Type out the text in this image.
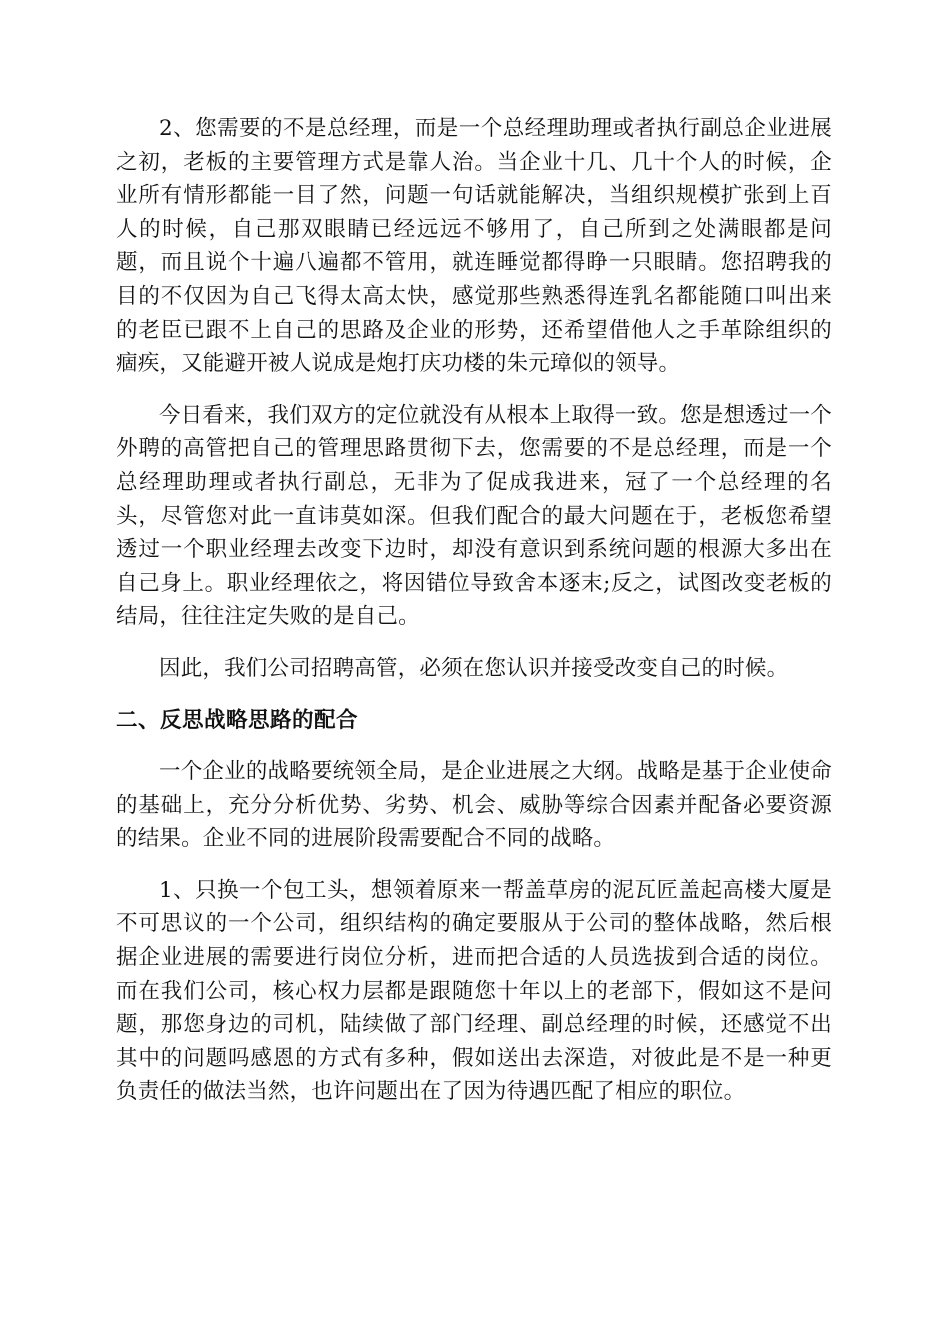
2、您需要的不是总经理，而是一个总经理助理或者执行副总企业进展之初，老板的主要管理方式是靠人治。当企业十几、几十个人的时候，企业所有情形都能一目了然，问题一句话就能解决，当组织规模扩张到上百人的时候，自己那双眼睛已经远远不够用了，自己所到之处满眼都是问题，而且说个十遍八遍都不管用，就连睡觉都得睁一只眼睛。您招聘我的目的不仅因为自己飞得太高太快，感觉那些熟悉得连乳名都能随口叫出来的老臣已跟不上自己的思路及企业的形势，还希望借他人之手革除组织的痼疾，又能避开被人说成是炮打庆功楼的朱元璋似的领导。

今日看来，我们双方的定位就没有从根本上取得一致。您是想透过一个外聘的高管把自己的管理思路贯彻下去，您需要的不是总经理，而是一个总经理助理或者执行副总，无非为了促成我进来，冠了一个总经理的名头，尽管您对此一直讳莫如深。但我们配合的最大问题在于，老板您希望透过一个职业经理去改变下边时，却没有意识到系统问题的根源大多出在自己身上。职业经理依之，将因错位导致舍本逐末;反之，试图改变老板的结局，往往注定失败的是自己。

因此，我们公司招聘高管，必须在您认识并接受改变自己的时候。

二、反思战略思路的配合

一个企业的战略要统领全局，是企业进展之大纲。战略是基于企业使命的基础上，充分分析优势、劣势、机会、威胁等综合因素并配备必要资源的结果。企业不同的进展阶段需要配合不同的战略。

1、只换一个包工头，想领着原来一帮盖草房的泥瓦匠盖起高楼大厦是不可思议的一个公司，组织结构的确定要服从于公司的整体战略，然后根据企业进展的需要进行岗位分析，进而把合适的人员选拔到合适的岗位。而在我们公司，核心权力层都是跟随您十年以上的老部下，假如这不是问题，那您身边的司机，陆续做了部门经理、副总经理的时候，还感觉不出其中的问题吗感恩的方式有多种，假如送出去深造，对彼此是不是一种更负责任的做法当然，也许问题出在了因为待遇匹配了相应的职位。
